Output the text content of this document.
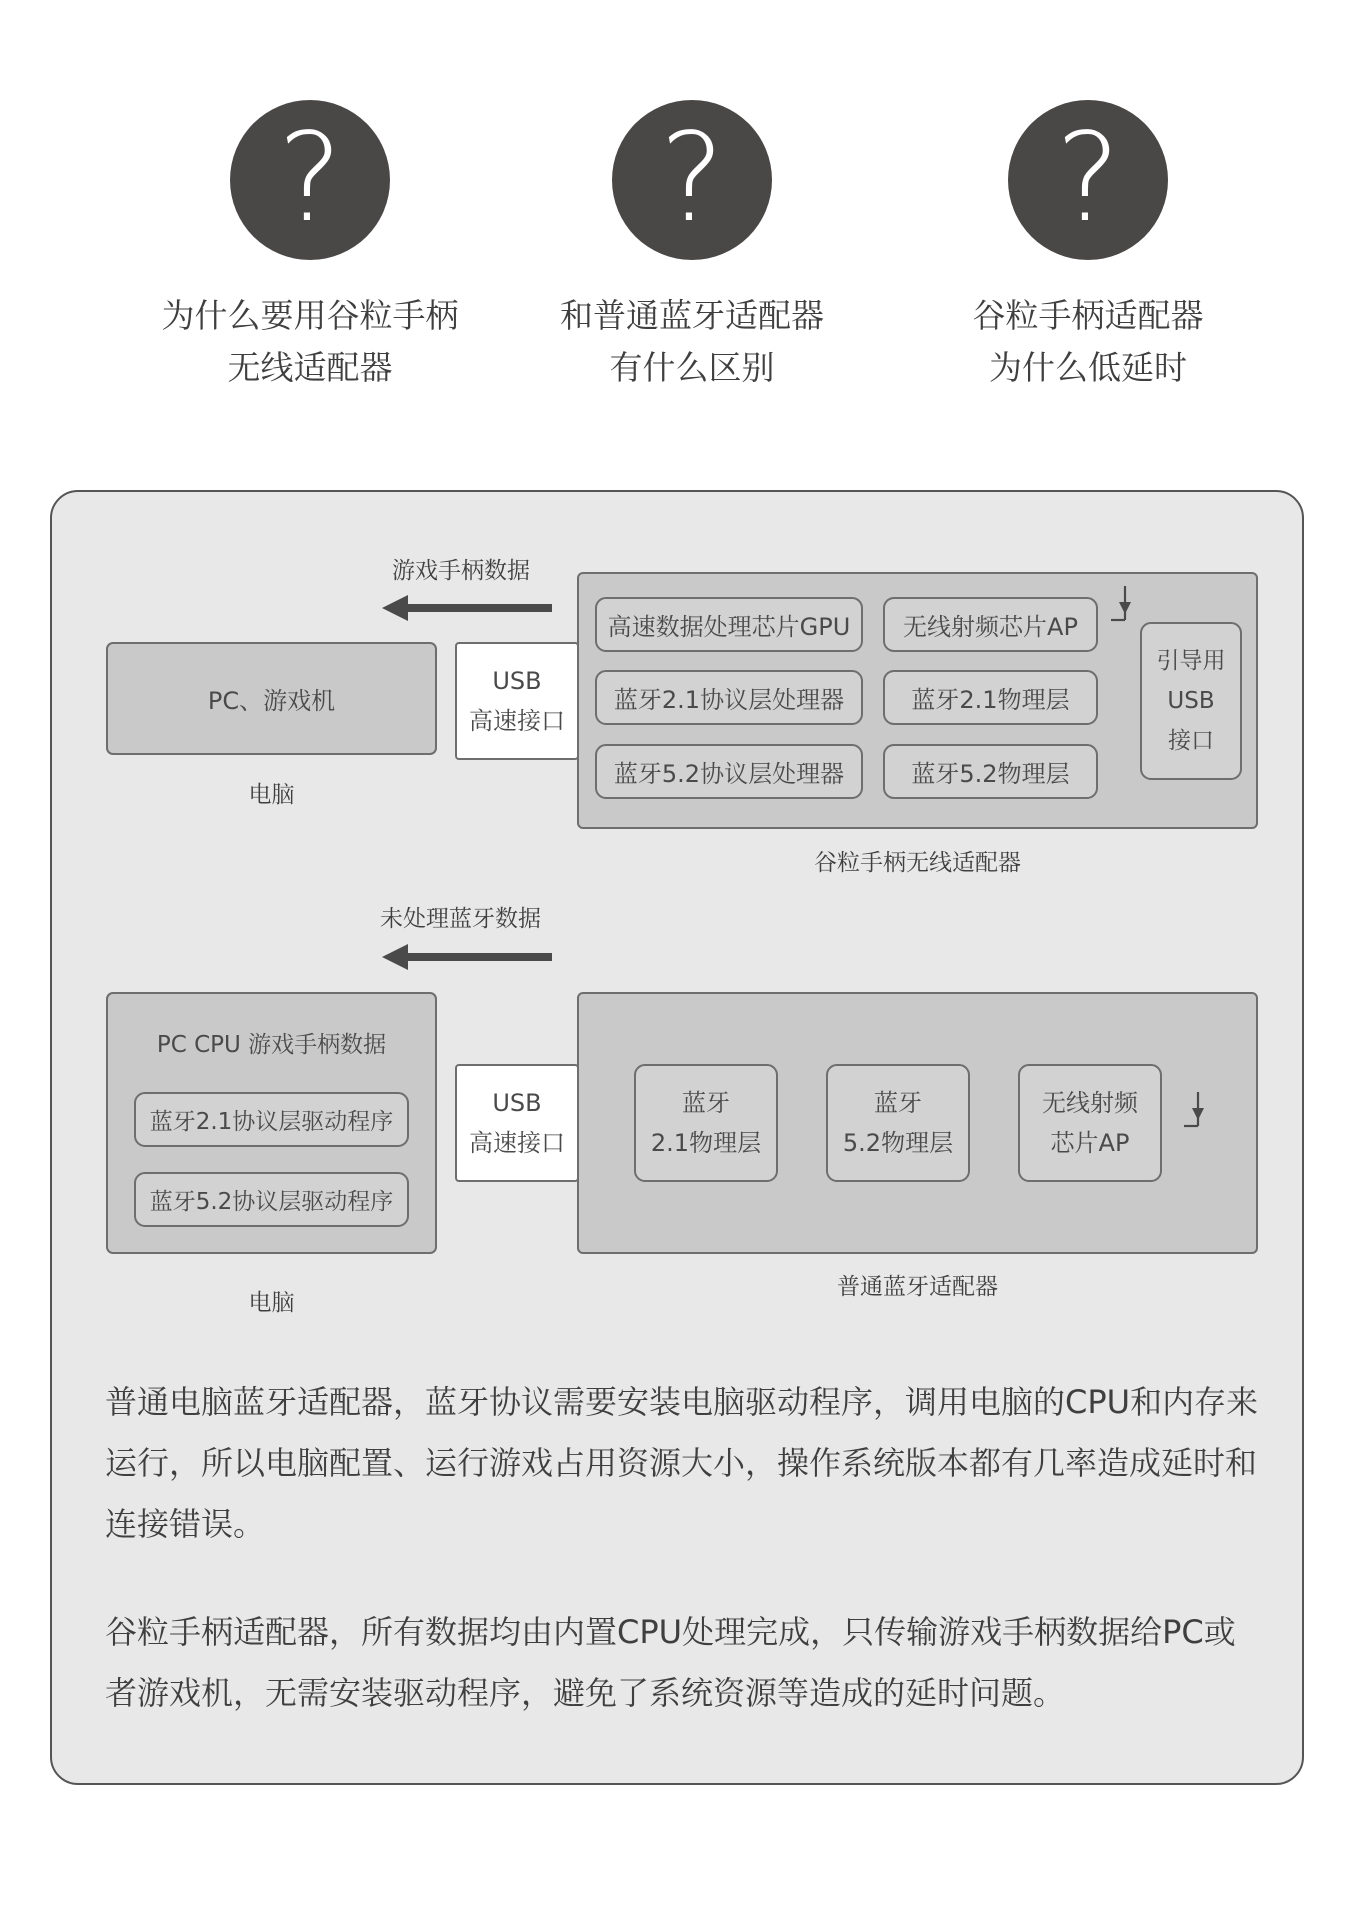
?	?	?
为什么要用谷粒手柄
无线适配器
和普通蓝牙适配器
有什么区别
谷粒手柄适配器
为什么低延时
游戏手柄数据
PC、游戏机
电脑
USB
高速接口
高速数据处理芯片GPU 无线射频芯片AP
蓝牙2.1协议层处理器	蓝牙2.1物理层
蓝牙5.2协议层处理器	蓝牙5.2物理层
引导用
USB
接口
谷粒手柄无线适配器
未处理蓝牙数据
PC CPU 游戏手柄数据
蓝牙2.1协议层驱动程序
蓝牙5.2协议层驱动程序
电脑
USB
高速接口
蓝牙
2.1物理层
蓝牙
5.2物理层
无线射频
芯片AP
普通蓝牙适配器

普通电脑蓝牙适配器，蓝牙协议需要安装电脑驱动程序，调用电脑的CPU和内存来运行，所以电脑配置、运行游戏占用资源大小，操作系统版本都有几率造成延时和连接错误。

谷粒手柄适配器，所有数据均由内置CPU处理完成，只传输游戏手柄数据给PC或者游戏机，无需安装驱动程序，避免了系统资源等造成的延时问题。
